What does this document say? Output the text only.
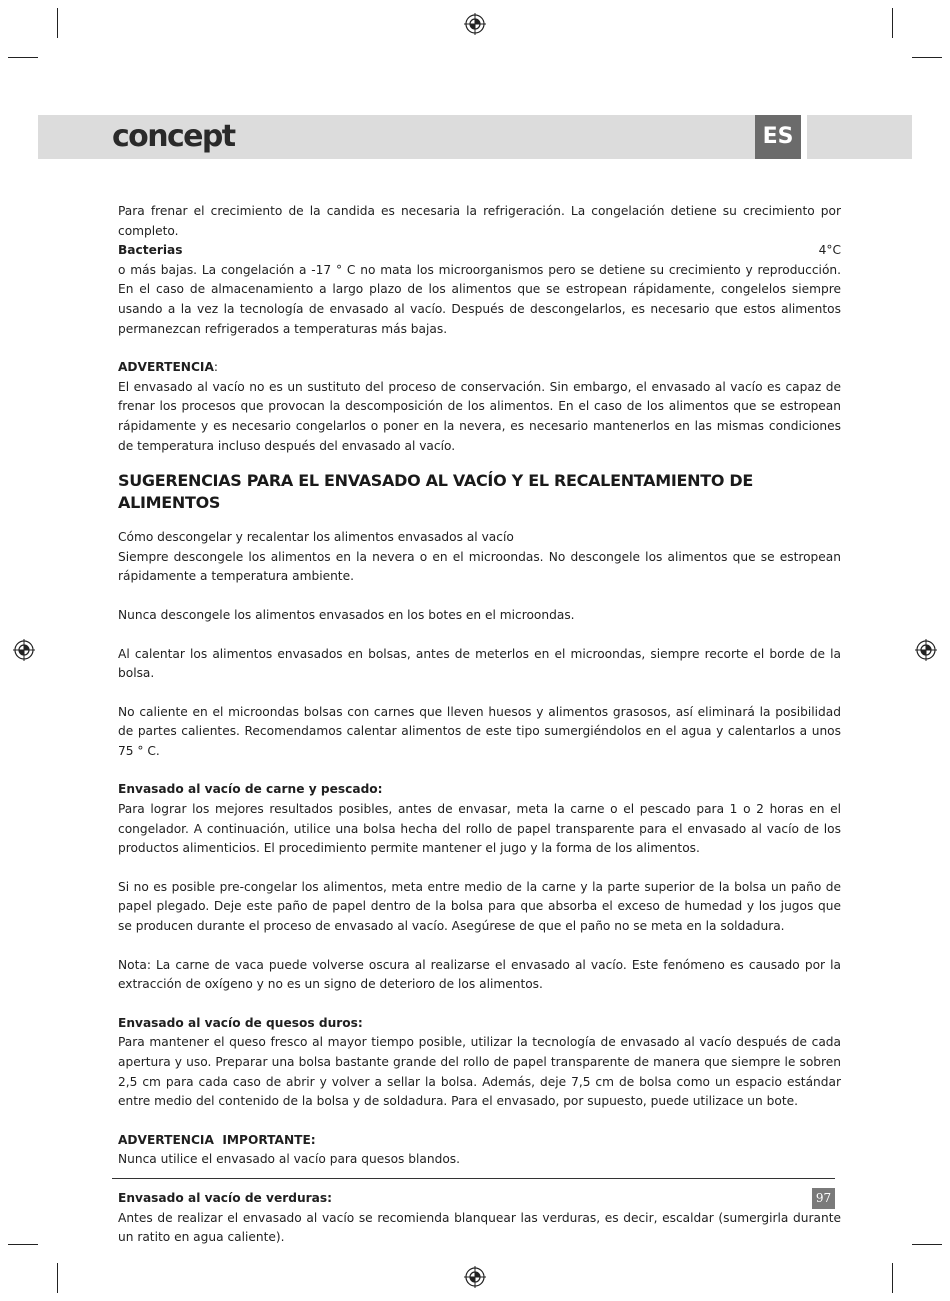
concept	ES
Para frenar el crecimiento de la candida es necesaria la refrigeración. La congelación detiene su crecimiento por completo.
Bacterias	4°C
o más bajas. La congelación a -17 ° C no mata los microorganismos pero se detiene su crecimiento y reproducción. En el caso de almacenamiento a largo plazo de los alimentos que se estropean rápidamente, congelelos siempre usando a la vez la tecnología de envasado al vacío. Después de descongelarlos, es necesario que estos alimentos permanezcan refrigerados a temperaturas más bajas.
ADVERTENCIA:
El envasado al vacío no es un sustituto del proceso de conservación. Sin embargo, el envasado al vacío es capaz de frenar los procesos que provocan la descomposición de los alimentos. En el caso de los alimentos que se estropean rápidamente y es necesario congelarlos o poner en la nevera, es necesario mantenerlos en las mismas condiciones de temperatura incluso después del envasado al vacío.
SUGERENCIAS PARA EL ENVASADO AL VACÍO Y EL RECALENTAMIENTO DE ALIMENTOS
Cómo descongelar y recalentar los alimentos envasados al vacío
Siempre descongele los alimentos en la nevera o en el microondas. No descongele los alimentos que se estropean rápidamente a temperatura ambiente.
Nunca descongele los alimentos envasados en los botes en el microondas.
Al calentar los alimentos envasados en bolsas, antes de meterlos en el microondas, siempre recorte el borde de la bolsa.
No caliente en el microondas bolsas con carnes que lleven huesos y alimentos grasosos, así eliminará la posibilidad de partes calientes. Recomendamos calentar alimentos de este tipo sumergiéndolos en el agua y calentarlos a unos 75 ° C.
Envasado al vacío de carne y pescado:
Para lograr los mejores resultados posibles, antes de envasar, meta la carne o el pescado para 1 o 2 horas en el congelador. A continuación, utilice una bolsa hecha del rollo de papel transparente para el envasado al vacío de los productos alimenticios. El procedimiento permite mantener el jugo y la forma de los alimentos.
Si no es posible pre-congelar los alimentos, meta entre medio de la carne y la parte superior de la bolsa un paño de papel plegado. Deje este paño de papel dentro de la bolsa para que absorba el exceso de humedad y los jugos que se producen durante el proceso de envasado al vacío. Asegúrese de que el paño no se meta en la soldadura.
Nota: La carne de vaca puede volverse oscura al realizarse el envasado al vacío. Este fenómeno es causado por la extracción de oxígeno y no es un signo de deterioro de los alimentos.
Envasado al vacío de quesos duros:
Para mantener el queso fresco al mayor tiempo posible, utilizar la tecnología de envasado al vacío después de cada apertura y uso. Preparar una bolsa bastante grande del rollo de papel transparente de manera que siempre le sobren 2,5 cm para cada caso de abrir y volver a sellar la bolsa. Además, deje 7,5 cm de bolsa como un espacio estándar entre medio del contenido de la bolsa y de soldadura. Para el envasado, por supuesto, puede utilizace un bote.
ADVERTENCIA  IMPORTANTE:
Nunca utilice el envasado al vacío para quesos blandos.
Envasado al vacío de verduras:
Antes de realizar el envasado al vacío se recomienda blanquear las verduras, es decir, escaldar (sumergirla durante un ratito en agua caliente).
97
